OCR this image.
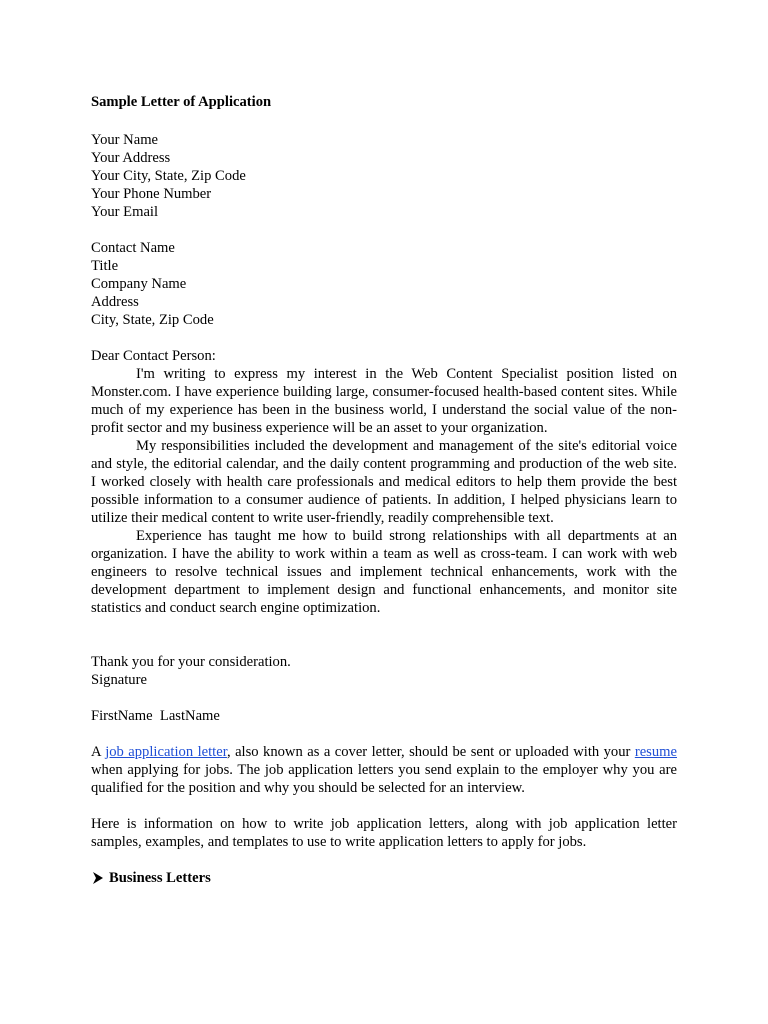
Sample Letter of Application
Your Name
Your Address
Your City, State, Zip Code
Your Phone Number
Your Email
Contact Name
Title
Company Name
Address
City, State, Zip Code
Dear Contact Person:

I'm writing to express my interest in the Web Content Specialist position listed on Monster.com. I have experience building large, consumer-focused health-based content sites. While much of my experience has been in the business world, I understand the social value of the non-profit sector and my business experience will be an asset to your organization.

My responsibilities included the development and management of the site's editorial voice and style, the editorial calendar, and the daily content programming and production of the web site. I worked closely with health care professionals and medical editors to help them provide the best possible information to a consumer audience of patients. In addition, I helped physicians learn to utilize their medical content to write user-friendly, readily comprehensible text.

Experience has taught me how to build strong relationships with all departments at an organization. I have the ability to work within a team as well as cross-team. I can work with web engineers to resolve technical issues and implement technical enhancements, work with the development department to implement design and functional enhancements, and monitor site statistics and conduct search engine optimization.

Thank you for your consideration.
Signature
FirstName  LastName

A job application letter, also known as a cover letter, should be sent or uploaded with your resume when applying for jobs. The job application letters you send explain to the employer why you are qualified for the position and why you should be selected for an interview.

Here is information on how to write job application letters, along with job application letter samples, examples, and templates to use to write application letters to apply for jobs.

Business Letters
